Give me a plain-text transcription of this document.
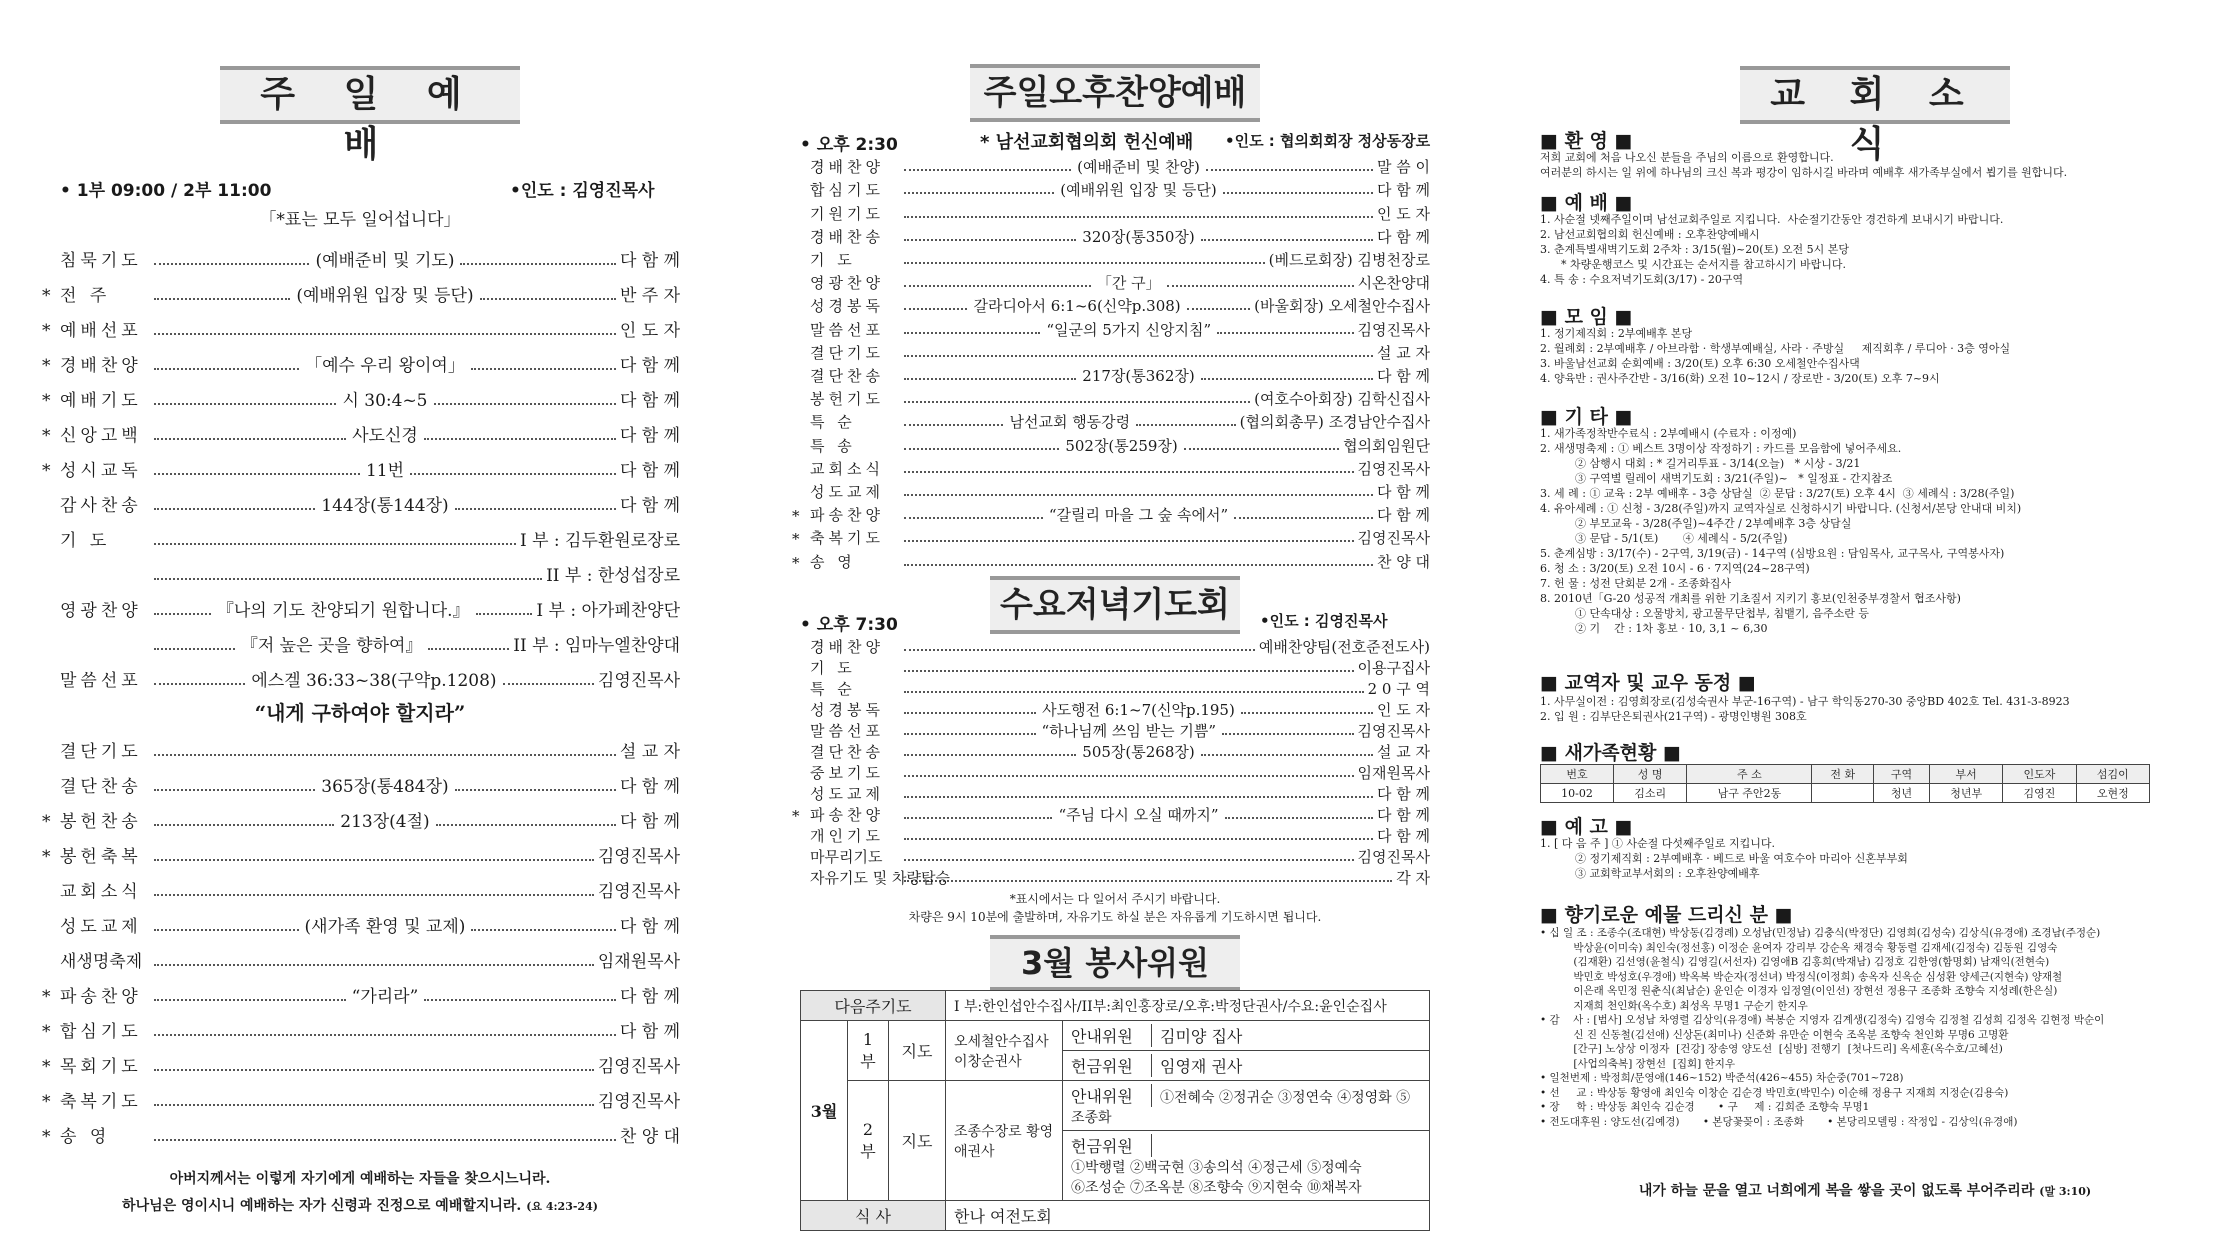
주 일 예 배
• 1부 09:00 / 2부 11:00	•인도 : 김영진목사
「*표는 모두 일어섭니다」
침묵기도	(예배준비 및 기도)	다 함 께
* 전 주	(예배위원 입장 및 등단)	반 주 자
* 예배선포	인 도 자
* 경배찬양	「예수 우리 왕이여」	다 함 께
* 예배기도	시 30:4~5	다 함 께
* 신앙고백	사도신경	다 함 께
* 성시교독	11번	다 함 께
감사찬송	144장(통144장)	다 함 께
기 도	I 부 : 김두환원로장로
II 부 : 한성섭장로
영광찬양	『나의 기도 찬양되기 원합니다.』	I 부 : 아가페찬양단
『저 높은 곳을 향하여』	II 부 : 임마누엘찬양대
말씀선포	에스겔 36:33~38(구약p.1208)	김영진목사
“내게 구하여야 할지라”
결단기도	설 교 자
결단찬송	365장(통484장)	다 함 께
* 봉헌찬송	213장(4절)	다 함 께
* 봉헌축복	김영진목사
교회소식	김영진목사
성도교제	(새가족 환영 및 교제)	다 함 께
새생명축제	임재원목사
* 파송찬양	“가리라”	다 함 께
* 합심기도	다 함 께
* 목회기도	김영진목사
* 축복기도	김영진목사
* 송 영	찬 양 대
아버지께서는 이렇게 자기에게 예배하는 자들을 찾으시느니라.
하나님은 영이시니 예배하는 자가 신령과 진정으로 예배할지니라. (요 4:23-24)
주일오후찬양예배
• 오후 2:30	* 남선교회협의회 헌신예배 •인도 : 협의회회장 정상동장로
경배찬양	(예배준비 및 찬양)	말 씀 이
합심기도	(예배위원 입장 및 등단)	다 함 께
기원기도	인 도 자
경배찬송	320장(통350장)	다 함 께
기 도	(베드로회장) 김병천장로
영광찬양	「간 구」	시온찬양대
성경봉독	갈라디아서 6:1~6(신약p.308)	(바울회장) 오세철안수집사
말씀선포	“일군의 5가지 신앙지침”	김영진목사
결단기도	설 교 자
결단찬송	217장(통362장)	다 함 께
봉헌기도	(여호수아회장) 김학신집사
특 순	남선교회 행동강령	(협의회총무) 조경남안수집사
특 송	502장(통259장)	협의회임원단
교회소식	김영진목사
성도교제	다 함 께
* 파송찬양	“갈릴리 마을 그 숲 속에서”	다 함 께
* 축복기도	김영진목사
* 송 영	찬 양 대
수요저녁기도회
• 오후 7:30	•인도 : 김영진목사
경배찬양	예배찬양팀(전호준전도사)
기 도	이용구집사
특 순	2 0 구 역
성경봉독	사도행전 6:1~7(신약p.195)	인 도 자
말씀선포	“하나님께 쓰임 받는 기쁨”	김영진목사
결단찬송	505장(통268장)	설 교 자
중보기도	임재원목사
성도교제	다 함 께
* 파송찬양	“주님 다시 오실 때까지”	다 함 께
개인기도	다 함 께
마무리기도	김영진목사
자유기도 및 차량탑승	각 자
*표시에서는 다 일어서 주시기 바랍니다.
차량은 9시 10분에 출발하며, 자유기도 하실 분은 자유롭게 기도하시면 됩니다.
3월 봉사위원
다음주기도			I 부:한인섭안수집사/II부:최인홍장로/오후:박정단권사/수요:윤인순집사	
3월	1부	지도	오세철안수집사 이창순권사	안내위원 김미양 집사
				헌금위원 임영재 권사
	2부	지도	조종수장로 황영애권사	안내위원 ①전혜숙 ②정귀순 ③정연숙 ④정영화 ⑤조종화
				헌금위원①박행렬 ②백국현 ③송의석 ④정근세 ⑤정예숙
⑥조성순 ⑦조옥분 ⑧조향숙 ⑨지현숙 ⑩채복자
식 사			한나 여전도회	
교 회 소 식
■ 환 영 ■
저희 교회에 처음 나오신 분들을 주님의 이름으로 환영합니다.
여러분의 하시는 일 위에 하나님의 크신 복과 평강이 임하시길 바라며 예배후 새가족부실에서 뵙기를 원합니다.
■ 예 배 ■
1. 사순절 넷째주일이며 남선교회주일로 지킵니다.  사순절기간동안 경건하게 보내시기 바랍니다.
2. 남선교회협의회 헌신예배 : 오후찬양예배시
3. 춘계특별새벽기도회 2주차 : 3/15(월)~20(토) 오전 5시 본당
* 차량운행코스 및 시간표는 순서지를 참고하시기 바랍니다.
4. 특 송 : 수요저녁기도회(3/17) - 20구역
■ 모 임 ■
1. 정기제직회 : 2부예배후 본당
2. 월례회 : 2부예배후 / 아브라함 · 학생부예배실, 사라 · 주방실     제직회후 / 루디아 · 3층 영아실
3. 바울남선교회 순회예배 : 3/20(토) 오후 6:30 오세철안수집사댁
4. 양육반 : 권사주간반 - 3/16(화) 오전 10~12시 / 장로반 - 3/20(토) 오후 7~9시
■ 기 타 ■
1. 새가족정착반수료식 : 2부예배시 (수료자 : 이정예)
2. 새생명축제 : ① 베스트 3명이상 작정하기 : 카드를 모음함에 넣어주세요.
② 삼행시 대회 : * 길거리투표 - 3/14(오늘)   * 시상 - 3/21
③ 구역별 릴레이 새벽기도회 : 3/21(주일)~   * 일정표 - 간지참조
3. 세 례 : ① 교육 : 2부 예배후 - 3층 상담실  ② 문답 : 3/27(토) 오후 4시  ③ 세례식 : 3/28(주일)
4. 유아세례 : ① 신청 - 3/28(주일)까지 교역자실로 신청하시기 바랍니다. (신청서/본당 안내대 비치)
② 부모교육 - 3/28(주일)~4주간 / 2부예배후 3층 상담실
③ 문답 - 5/1(토)       ④ 세례식 - 5/2(주일)
5. 춘계심방 : 3/17(수) - 2구역, 3/19(금) - 14구역 (심방요원 : 담임목사, 교구목사, 구역봉사자)
6. 청 소 : 3/20(토) 오전 10시 - 6 · 7지역(24~28구역)
7. 헌 물 : 성전 단회분 2개 - 조종화집사
8. 2010년「G-20 성공적 개최를 위한 기초질서 지키기 홍보(인천중부경찰서 협조사항)
① 단속대상 : 오물방치, 광고물무단첩부, 침뱉기, 음주소란 등
② 기    간 : 1차 홍보 · 10, 3,1 ~ 6,30
■ 교역자 및 교우 동정 ■
1. 사무실이전 : 김영희장로(김성숙권사 부군-16구역) - 남구 학익동270-30 중앙BD 402호 Tel. 431-3-8923
2. 입 원 : 김부단은퇴권사(21구역) - 광명인병원 308호
■ 새가족현황 ■
번호	성 명	주 소	전 화	구역	부서	인도자	섬김이
10-02	김소리	남구 주안2동		청년	청년부	김영진	오현정
■ 예 고 ■
1. [ 다 음 주 ] ① 사순절 다섯째주일로 지킵니다.
② 정기제직회 : 2부예배후 · 베드로 바울 여호수아 마리아 신혼부부회
③ 교회학교부서회의 : 오후찬양예배후
■ 향기로운 예물 드리신 분 ■
• 십 일 조 : 조종수(조대현) 박상동(김경례) 오성남(민정남) 김충식(박정단) 김영희(김성숙) 김상식(유경애) 조경남(주정순)
박상윤(이미숙) 최인숙(정선홍) 이정순 윤여자 강리부 강순옥 채경숙 황동렬 김재세(김정숙) 김동원 김영숙
(김재환) 김선영(윤철식) 김영길(서선자) 김영애B 김홍희(박재남) 김정호 김한영(함명회) 남재익(전현숙)
박민호 박성호(우경애) 박옥복 박순자(정선녀) 박정식(이정희) 송옥자 신옥순 심성환 양세근(지현숙) 양재철
이은래 옥민정 원춘식(최남순) 윤인순 이경자 임정열(이인선) 장현선 정용구 조종화 조향숙 지성례(한은실)
지재희 천인화(옥수호) 최성옥 무명1 구순기 한지우
• 감    사 : [범사] 오성남 차영렬 김상익(유경애) 복봉순 지영자 김계생(김정숙) 김영숙 김정철 김성희 김정옥 김현정 박순이
신 진 신동철(김선애) 신상돈(최미나) 신준화 유만순 이현숙 조옥분 조향숙 천인화 무명6 고명환
[간구] 노상상 이정자  [건강] 장송영 양도선  [심방] 전행기  [첫나드리] 옥세훈(옥수호/고혜선)
[사업의축복] 장현선  [집회] 한지우
• 일천번제 : 박정희/문영애(146~152) 박준석(426~455) 차순중(701~728)
• 선     교 : 박상동 황영애 최인숙 이창순 김순경 박민호(박민수) 이순해 정용구 지재희 지정순(김용숙)
• 장     학 : 박상동 최인숙 김순경       • 구     제 : 김희준 조향숙 무명1
• 전도대후원 : 양도선(김예경)       • 본당꽃꽂이 : 조종화       • 본당리모델링 : 작정입 - 김상익(유경애)
내가 하늘 문을 열고 너희에게 복을 쌓을 곳이 없도록 부어주리라 (말 3:10)
